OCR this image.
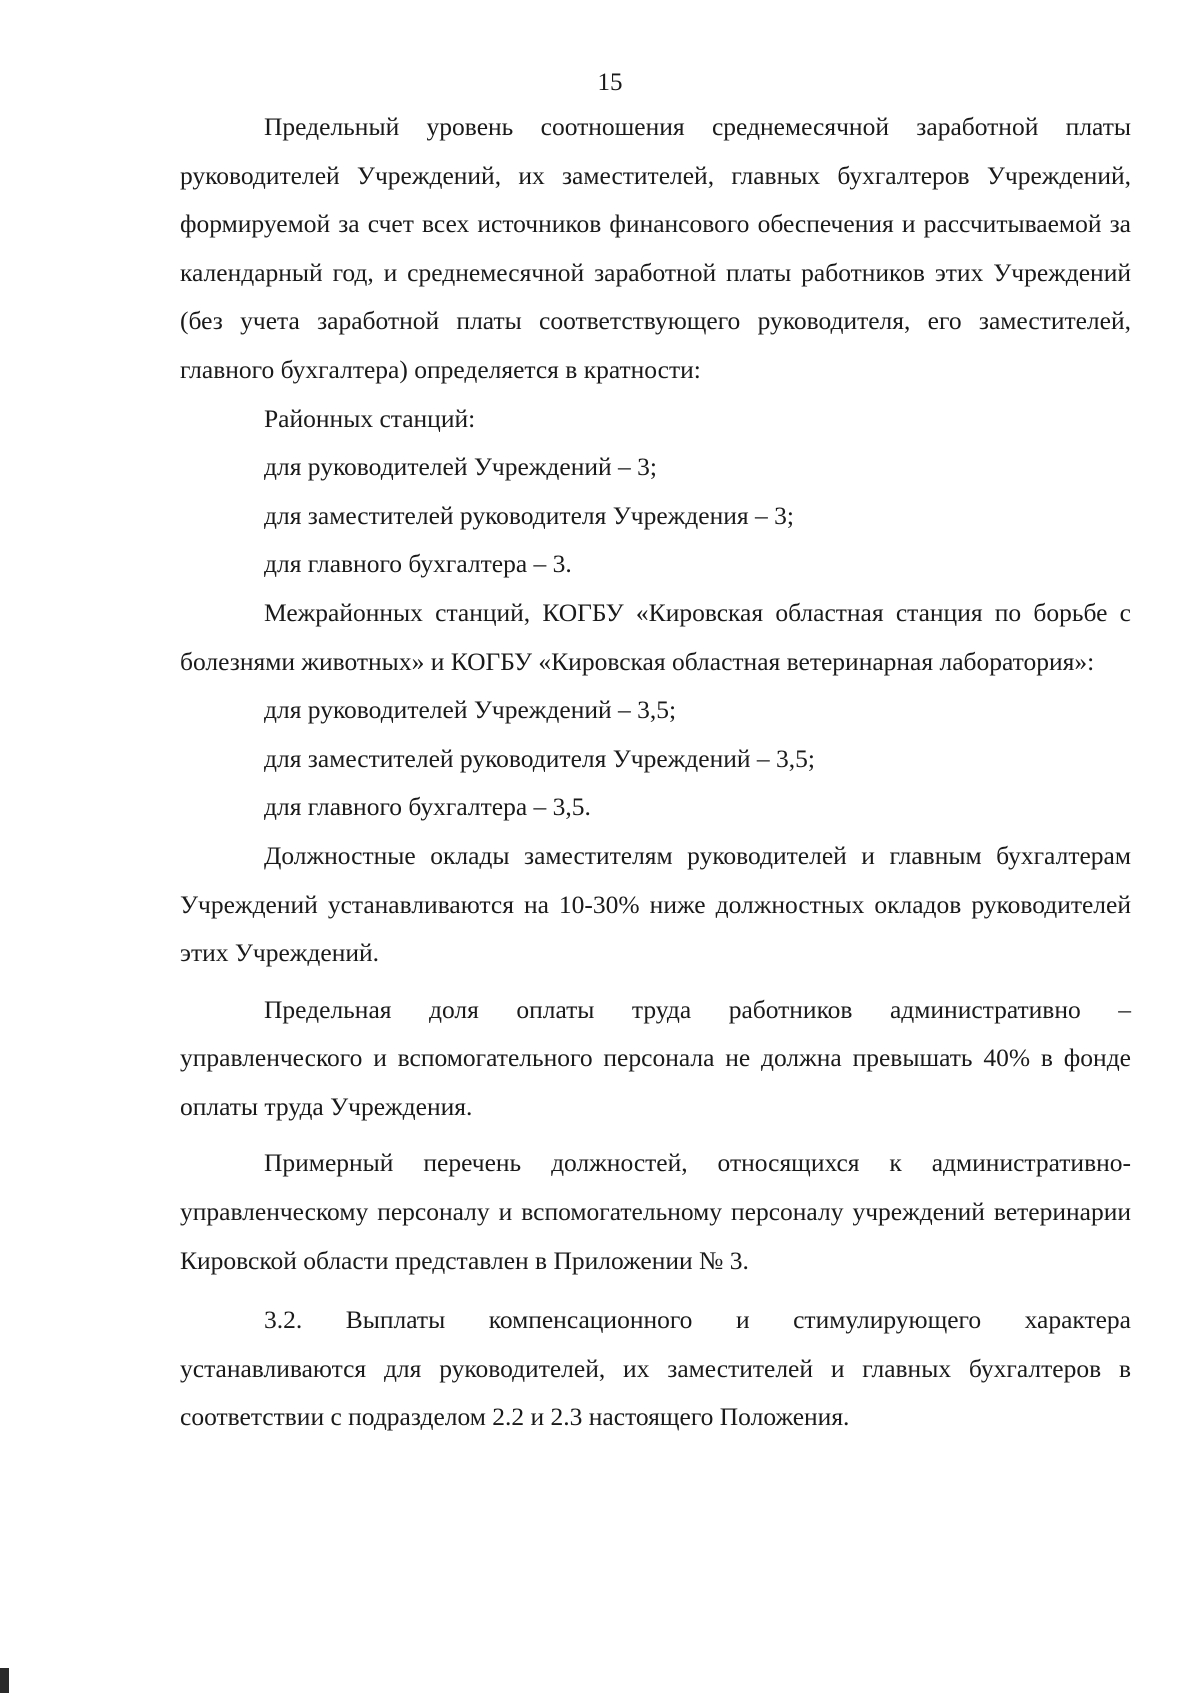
15

Предельный уровень соотношения среднемесячной заработной платы руководителей Учреждений, их заместителей, главных бухгалтеров Учреждений, формируемой за счет всех источников финансового обеспечения и рассчитываемой за календарный год, и среднемесячной заработной платы работников этих Учреждений (без учета заработной платы соответствующего руководителя, его заместителей, главного бухгалтера) определяется в кратности:

Районных станций:

для руководителей Учреждений – 3;

для заместителей руководителя Учреждения – 3;

для главного бухгалтера – 3.

Межрайонных станций, КОГБУ «Кировская областная станция по борьбе с болезнями животных» и КОГБУ «Кировская областная ветеринарная лаборатория»:

для руководителей Учреждений – 3,5;

для заместителей руководителя Учреждений – 3,5;

для главного бухгалтера – 3,5.

Должностные оклады заместителям руководителей и главным бухгалтерам Учреждений устанавливаются на 10-30% ниже должностных окладов руководителей этих Учреждений.

Предельная доля оплаты труда работников административно – управленческого и вспомогательного персонала не должна превышать 40% в фонде оплаты труда Учреждения.

Примерный перечень должностей, относящихся к административно-управленческому персоналу и вспомогательному персоналу учреждений ветеринарии Кировской области представлен в Приложении № 3.

3.2. Выплаты компенсационного и стимулирующего характера устанавливаются для руководителей, их заместителей и главных бухгалтеров в соответствии с подразделом 2.2 и 2.3 настоящего Положения.
